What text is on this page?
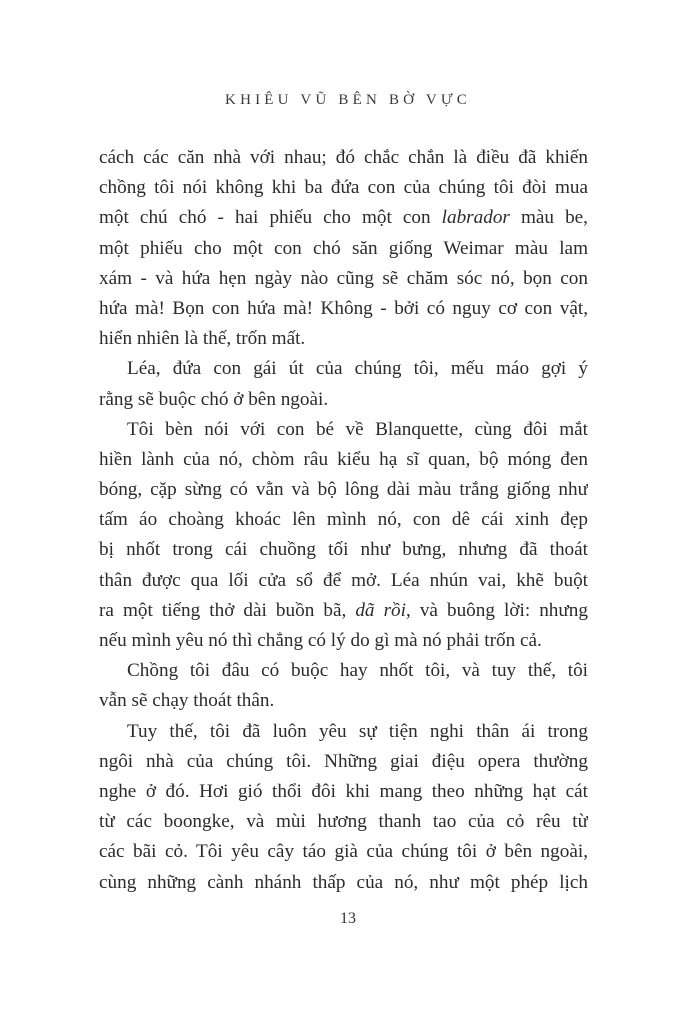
KHIÊU VŨ BÊN BỜ VỰC
cách các căn nhà với nhau; đó chắc chắn là điều đã khiến
chồng tôi nói không khi ba đứa con của chúng tôi đòi mua
một chú chó - hai phiếu cho một con labrador màu be,
một phiếu cho một con chó săn giống Weimar màu lam
xám - và hứa hẹn ngày nào cũng sẽ chăm sóc nó, bọn con
hứa mà! Bọn con hứa mà! Không - bởi có nguy cơ con vật,
hiển nhiên là thế, trốn mất.
Léa, đứa con gái út của chúng tôi, mếu máo gợi ý
rằng sẽ buộc chó ở bên ngoài.
Tôi bèn nói với con bé về Blanquette, cùng đôi mắt
hiền lành của nó, chòm râu kiểu hạ sĩ quan, bộ móng đen
bóng, cặp sừng có vằn và bộ lông dài màu trắng giống như
tấm áo choàng khoác lên mình nó, con dê cái xinh đẹp
bị nhốt trong cái chuồng tối như bưng, nhưng đã thoát
thân được qua lối cửa sổ để mở. Léa nhún vai, khẽ buột
ra một tiếng thở dài buồn bã, dã rồi, và buông lời: nhưng
nếu mình yêu nó thì chẳng có lý do gì mà nó phải trốn cả.
Chồng tôi đâu có buộc hay nhốt tôi, và tuy thế, tôi
vẫn sẽ chạy thoát thân.
Tuy thế, tôi đã luôn yêu sự tiện nghi thân ái trong
ngôi nhà của chúng tôi. Những giai điệu opera thường
nghe ở đó. Hơi gió thổi đôi khi mang theo những hạt cát
từ các boongke, và mùi hương thanh tao của cỏ rêu từ
các bãi cỏ. Tôi yêu cây táo già của chúng tôi ở bên ngoài,
cùng những cành nhánh thấp của nó, như một phép lịch
13
